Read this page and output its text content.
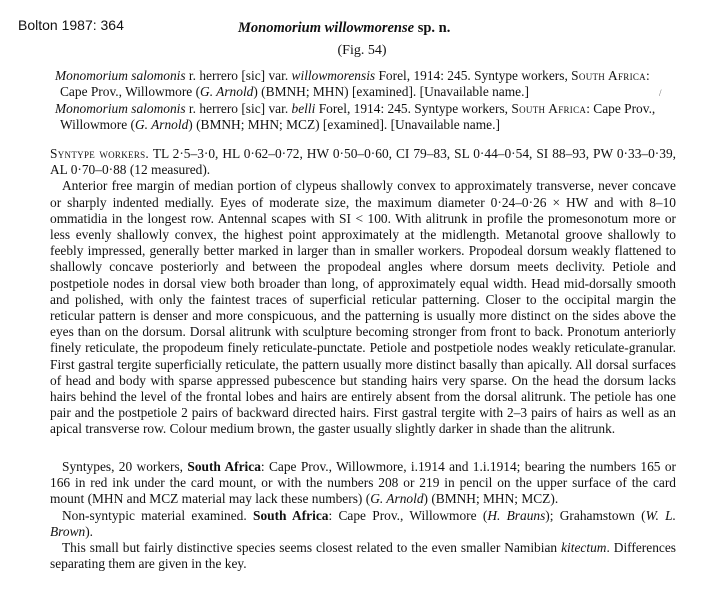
Bolton 1987: 364	Monomorium willowmorense sp. n.
(Fig. 54)
Monomorium salomonis r. herrero [sic] var. willowmorensis Forel, 1914: 245. Syntype workers, South Africa: Cape Prov., Willowmore (G. Arnold) (BMNH; MHN) [examined]. [Unavailable name.]	/
Monomorium salomonis r. herrero [sic] var. belli Forel, 1914: 245. Syntype workers, South Africa: Cape Prov., Willowmore (G. Arnold) (BMNH; MHN; MCZ) [examined]. [Unavailable name.]

Syntype workers. TL 2·5–3·0, HL 0·62–0·72, HW 0·50–0·60, CI 79–83, SL 0·44–0·54, SI 88–93, PW 0·33–0·39, AL 0·70–0·88 (12 measured).

Anterior free margin of median portion of clypeus shallowly convex to approximately transverse, never concave or sharply indented medially. Eyes of moderate size, the maximum diameter 0·24–0·26 × HW and with 8–10 ommatidia in the longest row. Antennal scapes with SI < 100. With alitrunk in profile the promesonotum more or less evenly shallowly convex, the highest point approximately at the midlength. Metanotal groove shallowly to feebly impressed, generally better marked in larger than in smaller workers. Propodeal dorsum weakly flattened to shallowly concave posteriorly and between the propodeal angles where dorsum meets declivity. Petiole and postpetiole nodes in dorsal view both broader than long, of approximately equal width. Head mid-dorsally smooth and polished, with only the faintest traces of superficial reticular patterning. Closer to the occipital margin the reticular pattern is denser and more conspicuous, and the patterning is usually more distinct on the sides above the eyes than on the dorsum. Dorsal alitrunk with sculpture becoming stronger from front to back. Pronotum anteriorly finely reticulate, the propodeum finely reticulate-punctate. Petiole and postpetiole nodes weakly reticulate-granular. First gastral tergite superficially reticulate, the pattern usually more distinct basally than apically. All dorsal surfaces of head and body with sparse appressed pubescence but standing hairs very sparse. On the head the dorsum lacks hairs behind the level of the frontal lobes and hairs are entirely absent from the dorsal alitrunk. The petiole has one pair and the postpetiole 2 pairs of backward directed hairs. First gastral tergite with 2–3 pairs of hairs as well as an apical transverse row. Colour medium brown, the gaster usually slightly darker in shade than the alitrunk.

Syntypes, 20 workers, South Africa: Cape Prov., Willowmore, i.1914 and 1.i.1914; bearing the numbers 165 or 166 in red ink under the card mount, or with the numbers 208 or 219 in pencil on the upper surface of the card mount (MHN and MCZ material may lack these numbers) (G. Arnold) (BMNH; MHN; MCZ).

Non-syntypic material examined. South Africa: Cape Prov., Willowmore (H. Brauns); Grahamstown (W. L. Brown).

This small but fairly distinctive species seems closest related to the even smaller Namibian kitectum. Differences separating them are given in the key.
